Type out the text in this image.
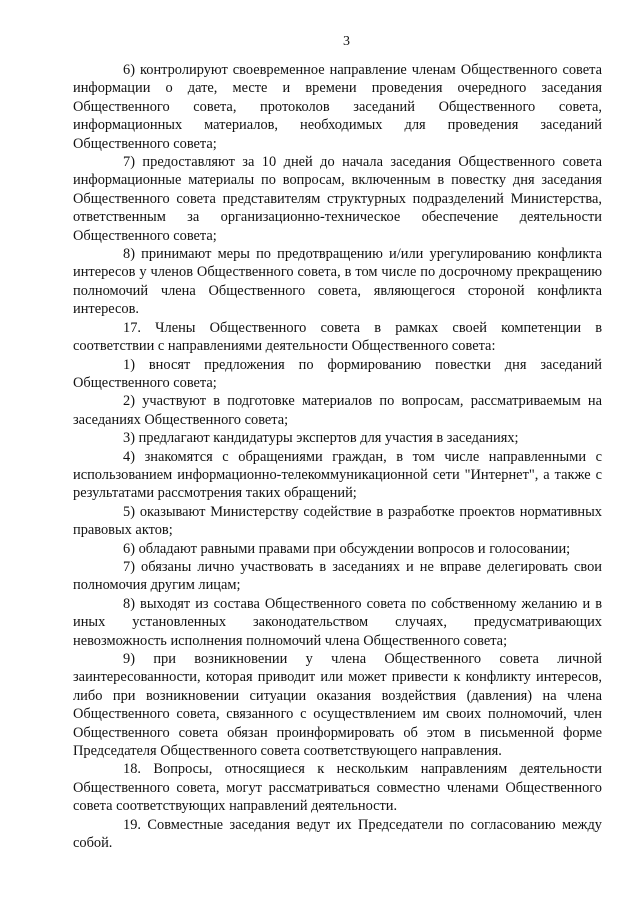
3

6) контролируют своевременное направление членам Общественного совета информации о дате, месте и времени проведения очередного заседания Общественного совета, протоколов заседаний Общественного совета, информационных материалов, необходимых для проведения заседаний Общественного совета;

7) предоставляют за 10 дней до начала заседания Общественного совета информационные материалы по вопросам, включенным в повестку дня заседания Общественного совета представителям структурных подразделений Министерства, ответственным за организационно-техническое обеспечение деятельности Общественного совета;

8) принимают меры по предотвращению и/или урегулированию конфликта интересов у членов Общественного совета, в том числе по досрочному прекращению полномочий члена Общественного совета, являющегося стороной конфликта интересов.

17. Члены Общественного совета в рамках своей компетенции в соответствии с направлениями деятельности Общественного совета:

1) вносят предложения по формированию повестки дня заседаний Общественного совета;

2) участвуют в подготовке материалов по вопросам, рассматриваемым на заседаниях Общественного совета;

3) предлагают кандидатуры экспертов для участия в заседаниях;

4) знакомятся с обращениями граждан, в том числе направленными с использованием информационно-телекоммуникационной сети "Интернет", а также с результатами рассмотрения таких обращений;

5) оказывают Министерству содействие в разработке проектов нормативных правовых актов;

6) обладают равными правами при обсуждении вопросов и голосовании;

7) обязаны лично участвовать в заседаниях и не вправе делегировать свои полномочия другим лицам;

8) выходят из состава Общественного совета по собственному желанию и в иных установленных законодательством случаях, предусматривающих невозможность исполнения полномочий члена Общественного совета;

9) при возникновении у члена Общественного совета личной заинтересованности, которая приводит или может привести к конфликту интересов, либо при возникновении ситуации оказания воздействия (давления) на члена Общественного совета, связанного с осуществлением им своих полномочий, член Общественного совета обязан проинформировать об этом в письменной форме Председателя Общественного совета соответствующего направления.

18. Вопросы, относящиеся к нескольким направлениям деятельности Общественного совета, могут рассматриваться совместно членами Общественного совета соответствующих направлений деятельности.

19. Совместные заседания ведут их Председатели по согласованию между собой.
